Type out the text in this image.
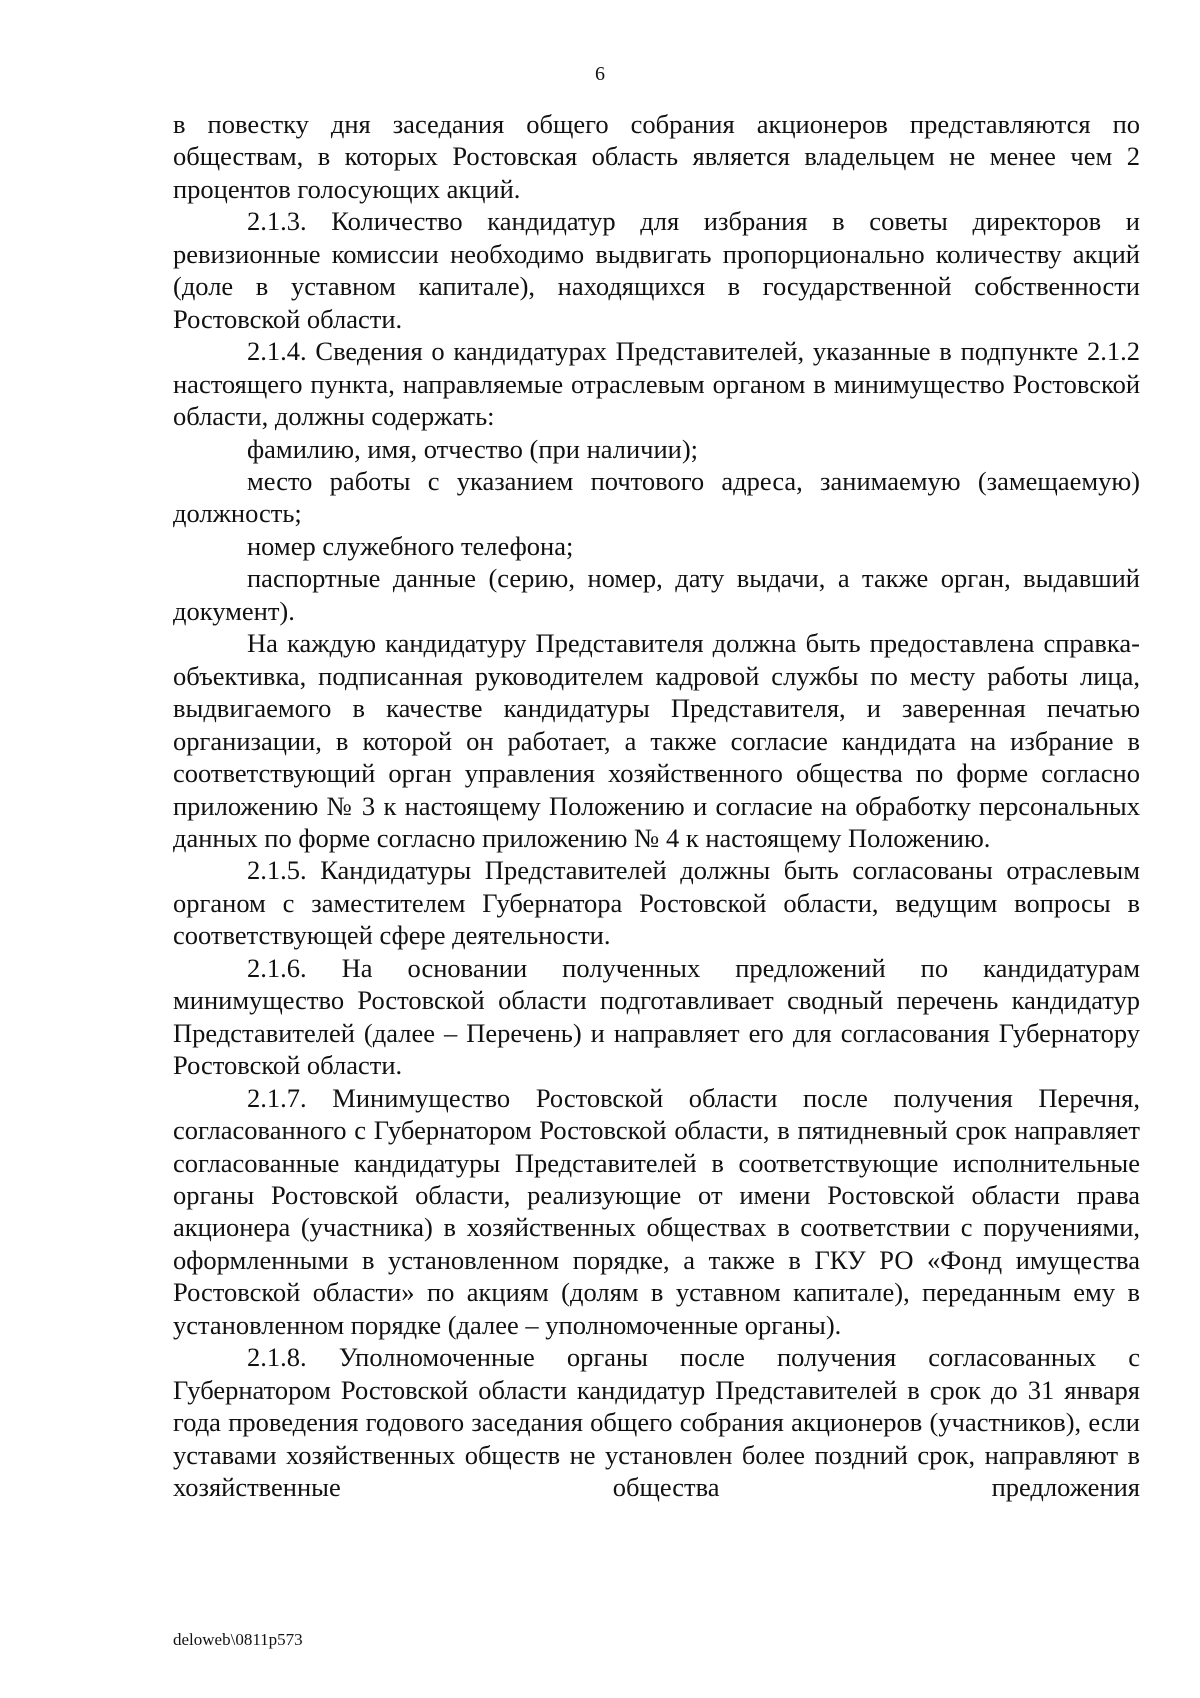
6

в повестку дня заседания общего собрания акционеров представляются по обществам, в которых Ростовская область является владельцем не менее чем 2 процентов голосующих акций.

2.1.3. Количество кандидатур для избрания в советы директоров и ревизионные комиссии необходимо выдвигать пропорционально количеству акций (доле в уставном капитале), находящихся в государственной собственности Ростовской области.

2.1.4. Сведения о кандидатурах Представителей, указанные в подпункте 2.1.2 настоящего пункта, направляемые отраслевым органом в минимущество Ростовской области, должны содержать:

фамилию, имя, отчество (при наличии);

место работы с указанием почтового адреса, занимаемую (замещаемую) должность;

номер служебного телефона;

паспортные данные (серию, номер, дату выдачи, а также орган, выдавший документ).

На каждую кандидатуру Представителя должна быть предоставлена справка-объективка, подписанная руководителем кадровой службы по месту работы лица, выдвигаемого в качестве кандидатуры Представителя, и заверенная печатью организации, в которой он работает, а также согласие кандидата на избрание в соответствующий орган управления хозяйственного общества по форме согласно приложению № 3 к настоящему Положению и согласие на обработку персональных данных по форме согласно приложению № 4 к настоящему Положению.

2.1.5. Кандидатуры Представителей должны быть согласованы отраслевым органом с заместителем Губернатора Ростовской области, ведущим вопросы в соответствующей сфере деятельности.

2.1.6. На основании полученных предложений по кандидатурам минимущество Ростовской области подготавливает сводный перечень кандидатур Представителей (далее – Перечень) и направляет его для согласования Губернатору Ростовской области.

2.1.7. Минимущество Ростовской области после получения Перечня, согласованного с Губернатором Ростовской области, в пятидневный срок направляет согласованные кандидатуры Представителей в соответствующие исполнительные органы Ростовской области, реализующие от имени Ростовской области права акционера (участника) в хозяйственных обществах в соответствии с поручениями, оформленными в установленном порядке, а также в ГКУ РО «Фонд имущества Ростовской области» по акциям (долям в уставном капитале), переданным ему в установленном порядке (далее – уполномоченные органы).

2.1.8. Уполномоченные органы после получения согласованных с Губернатором Ростовской области кандидатур Представителей в срок до 31 января года проведения годового заседания общего собрания акционеров (участников), если уставами хозяйственных обществ не установлен более поздний срок, направляют в хозяйственные общества предложения

deloweb\0811p573
